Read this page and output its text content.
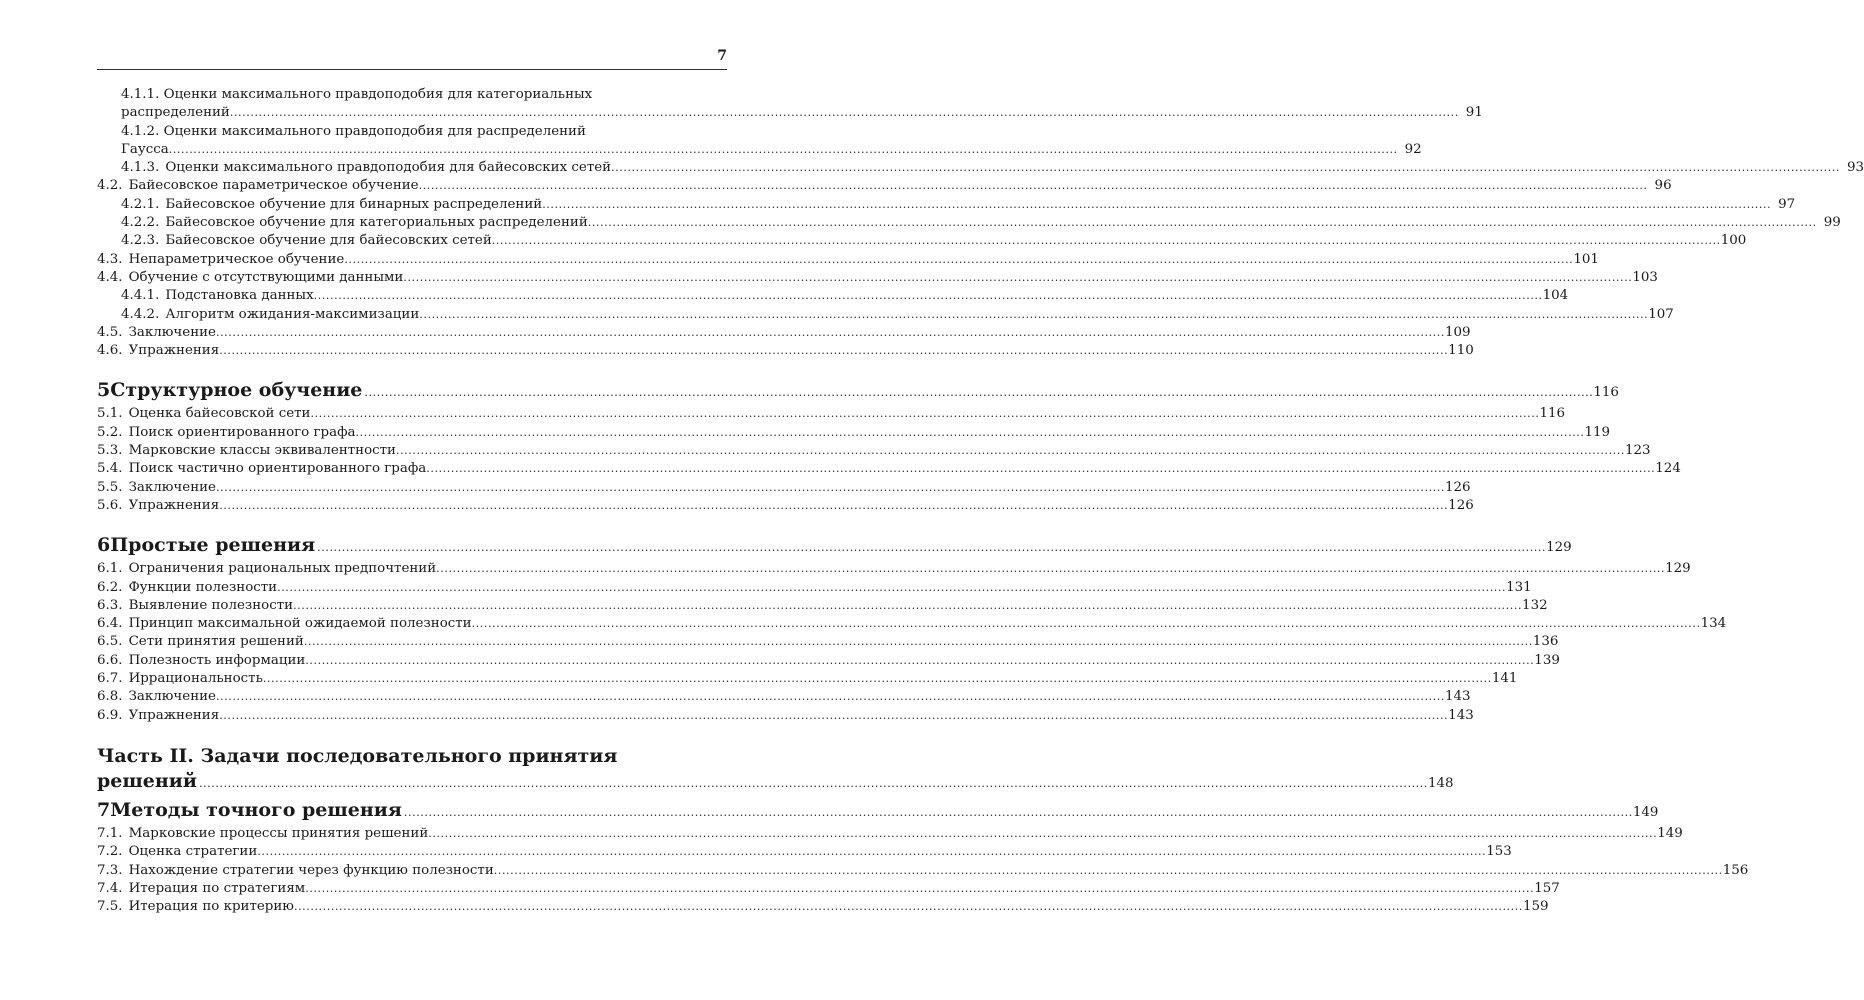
7
4.1.1. Оценки максимального правдоподобия для категориальных
распределений .....	91
4.1.2. Оценки максимального правдоподобия для распределений
Гаусса .....	92
4.1.3. Оценки максимального правдоподобия для байесовских сетей .....	93
4.2. Байесовское параметрическое обучение .....	96
4.2.1. Байесовское обучение для бинарных распределений .....	97
4.2.2. Байесовское обучение для категориальных распределений .....	99
4.2.3. Байесовское обучение для байесовских сетей .....	100
4.3. Непараметрическое обучение .....	101
4.4. Обучение с отсутствующими данными .....	103
4.4.1. Подстановка данных .....	104
4.4.2. Алгоритм ожидания-максимизации .....	107
4.5. Заключение .....	109
4.6. Упражнения .....	110
5 Структурное обучение .....	116
5.1. Оценка байесовской сети .....	116
5.2. Поиск ориентированного графа .....	119
5.3. Марковские классы эквивалентности .....	123
5.4. Поиск частично ориентированного графа .....	124
5.5. Заключение .....	126
5.6. Упражнения .....	126
6 Простые решения .....	129
6.1. Ограничения рациональных предпочтений .....	129
6.2. Функции полезности .....	131
6.3. Выявление полезности .....	132
6.4. Принцип максимальной ожидаемой полезности .....	134
6.5. Сети принятия решений .....	136
6.6. Полезность информации .....	139
6.7. Иррациональность .....	141
6.8. Заключение .....	143
6.9. Упражнения .....	143
Часть II. Задачи последовательного принятия
решений .....	148
7 Методы точного решения .....	149
7.1. Марковские процессы принятия решений .....	149
7.2. Оценка стратегии .....	153
7.3. Нахождение стратегии через функцию полезности .....	156
7.4. Итерация по стратегиям .....	157
7.5. Итерация по критерию .....	159
